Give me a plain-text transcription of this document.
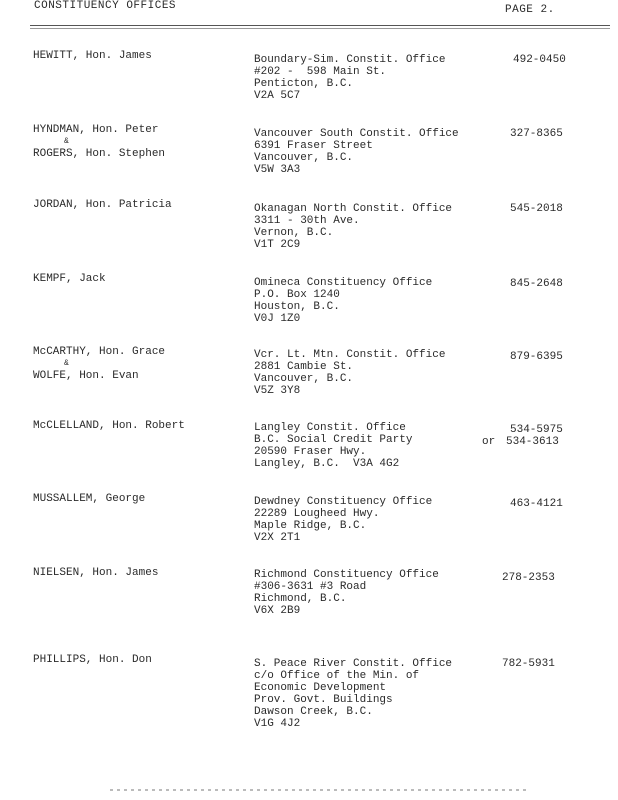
CONSTITUENCY OFFICES	PAGE 2.
HEWITT, Hon. James	Boundary-Sim. Constit. Office
#202 -  598 Main St.
Penticton, B.C.
V2A 5C7
492-0450
HYNDMAN, Hon. Peter
&
ROGERS, Hon. Stephen
Vancouver South Constit. Office
6391 Fraser Street
Vancouver, B.C.
V5W 3A3
327-8365
JORDAN, Hon. Patricia	Okanagan North Constit. Office
3311 - 30th Ave.
Vernon, B.C.
V1T 2C9
545-2018
KEMPF, Jack	Omineca Constituency Office
P.O. Box 1240
Houston, B.C.
V0J 1Z0
845-2648
McCARTHY, Hon. Grace
&
WOLFE, Hon. Evan
Vcr. Lt. Mtn. Constit. Office
2881 Cambie St.
Vancouver, B.C.
V5Z 3Y8
879-6395
McCLELLAND, Hon. Robert	Langley Constit. Office
B.C. Social Credit Party
20590 Fraser Hwy.
Langley, B.C.  V3A 4G2
534-5975
or 534-3613
MUSSALLEM, George	Dewdney Constituency Office
22289 Lougheed Hwy.
Maple Ridge, B.C.
V2X 2T1
463-4121
NIELSEN, Hon. James	Richmond Constituency Office
#306-3631 #3 Road
Richmond, B.C.
V6X 2B9
278-2353
PHILLIPS, Hon. Don	S. Peace River Constit. Office
c/o Office of the Min. of
Economic Development
Prov. Govt. Buildings
Dawson Creek, B.C.
V1G 4J2
782-5931
